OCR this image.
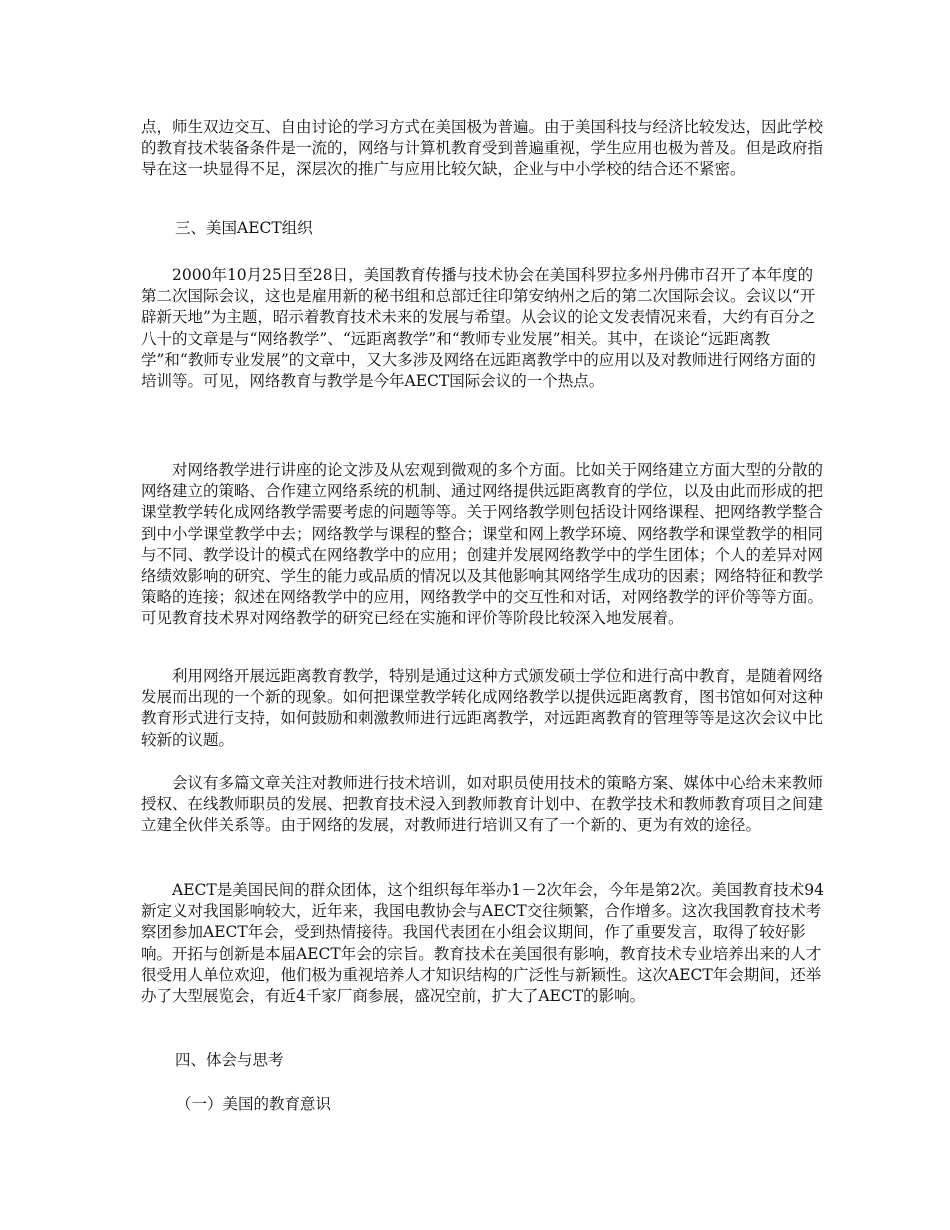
点，师生双边交互、自由讨论的学习方式在美国极为普遍。由于美国科技与经济比较发达，因此学校的教育技术装备条件是一流的，网络与计算机教育受到普遍重视，学生应用也极为普及。但是政府指导在这一块显得不足，深层次的推广与应用比较欠缺，企业与中小学校的结合还不紧密。

三、美国AECT组织

2000年10月25日至28日，美国教育传播与技术协会在美国科罗拉多州丹佛市召开了本年度的第二次国际会议，这也是雇用新的秘书组和总部迁往印第安纳州之后的第二次国际会议。会议以“开辟新天地”为主题，昭示着教育技术未来的发展与希望。从会议的论文发表情况来看，大约有百分之八十的文章是与“网络教学”、“远距离教学”和“教师专业发展”相关。其中，在谈论“远距离教学”和“教师专业发展”的文章中，又大多涉及网络在远距离教学中的应用以及对教师进行网络方面的培训等。可见，网络教育与教学是今年AECT国际会议的一个热点。

对网络教学进行讲座的论文涉及从宏观到微观的多个方面。比如关于网络建立方面大型的分散的网络建立的策略、合作建立网络系统的机制、通过网络提供远距离教育的学位，以及由此而形成的把课堂教学转化成网络教学需要考虑的问题等等。关于网络教学则包括设计网络课程、把网络教学整合到中小学课堂教学中去；网络教学与课程的整合；课堂和网上教学环境、网络教学和课堂教学的相同与不同、教学设计的模式在网络教学中的应用；创建并发展网络教学中的学生团体；个人的差异对网络绩效影响的研究、学生的能力或品质的情况以及其他影响其网络学生成功的因素；网络特征和教学策略的连接；叙述在网络教学中的应用，网络教学中的交互性和对话，对网络教学的评价等等方面。可见教育技术界对网络教学的研究已经在实施和评价等阶段比较深入地发展着。

利用网络开展远距离教育教学，特别是通过这种方式颁发硕士学位和进行高中教育，是随着网络发展而出现的一个新的现象。如何把课堂教学转化成网络教学以提供远距离教育，图书馆如何对这种教育形式进行支持，如何鼓励和刺激教师进行远距离教学，对远距离教育的管理等等是这次会议中比较新的议题。

会议有多篇文章关注对教师进行技术培训，如对职员使用技术的策略方案、媒体中心给未来教师授权、在线教师职员的发展、把教育技术浸入到教师教育计划中、在教学技术和教师教育项目之间建立建全伙伴关系等。由于网络的发展，对教师进行培训又有了一个新的、更为有效的途径。

AECT是美国民间的群众团体，这个组织每年举办1－2次年会，今年是第2次。美国教育技术94新定义对我国影响较大，近年来，我国电教协会与AECT交往频繁，合作增多。这次我国教育技术考察团参加AECT年会，受到热情接待。我国代表团在小组会议期间，作了重要发言，取得了较好影响。开拓与创新是本届AECT年会的宗旨。教育技术在美国很有影响，教育技术专业培养出来的人才很受用人单位欢迎，他们极为重视培养人才知识结构的广泛性与新颖性。这次AECT年会期间，还举办了大型展览会，有近4千家厂商参展，盛况空前，扩大了AECT的影响。

四、体会与思考

（一）美国的教育意识
